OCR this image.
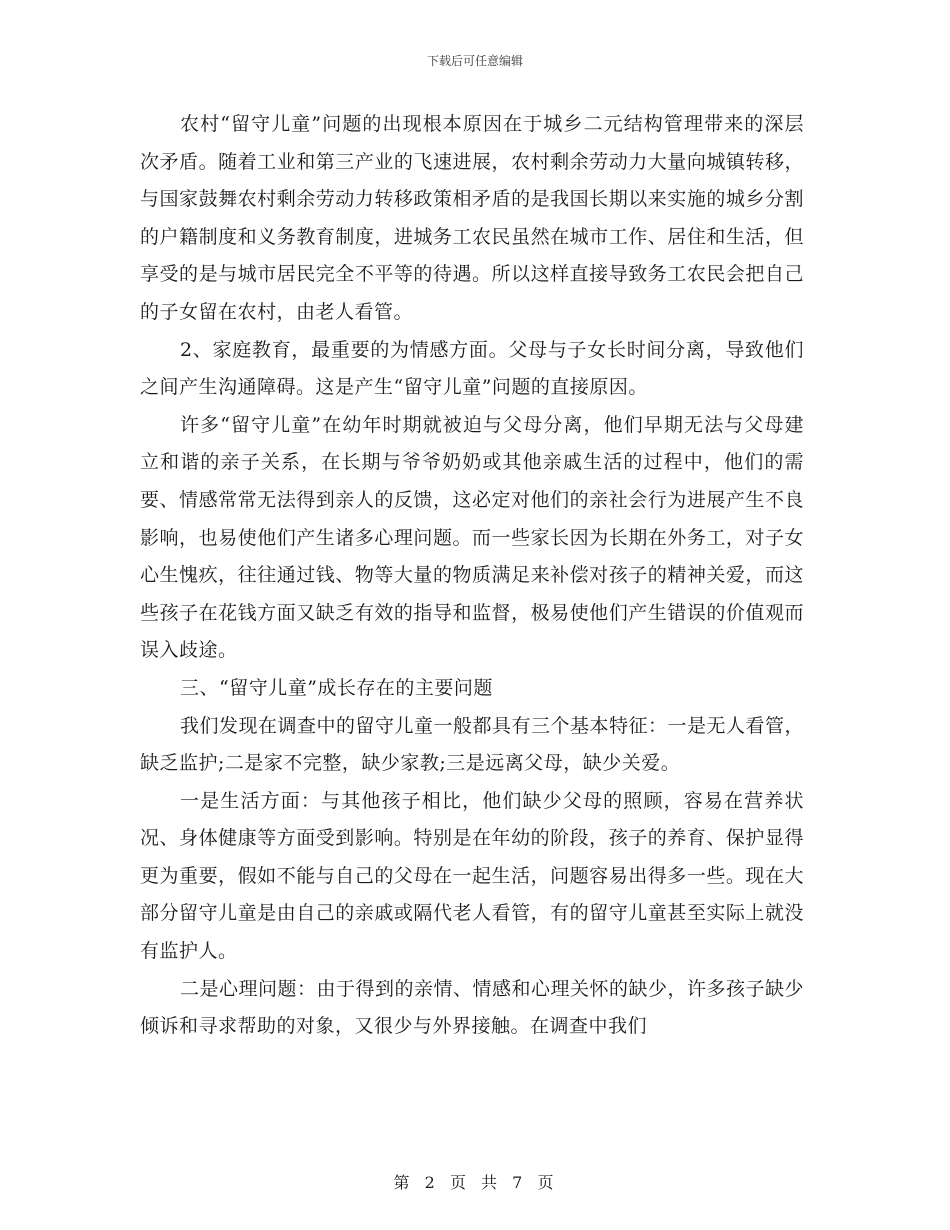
下载后可任意编辑

农村“留守儿童”问题的出现根本原因在于城乡二元结构管理带来的深层次矛盾。随着工业和第三产业的飞速进展，农村剩余劳动力大量向城镇转移，与国家鼓舞农村剩余劳动力转移政策相矛盾的是我国长期以来实施的城乡分割的户籍制度和义务教育制度，进城务工农民虽然在城市工作、居住和生活，但享受的是与城市居民完全不平等的待遇。所以这样直接导致务工农民会把自己的子女留在农村，由老人看管。

2、家庭教育，最重要的为情感方面。父母与子女长时间分离，导致他们之间产生沟通障碍。这是产生“留守儿童”问题的直接原因。

许多“留守儿童”在幼年时期就被迫与父母分离，他们早期无法与父母建立和谐的亲子关系，在长期与爷爷奶奶或其他亲戚生活的过程中，他们的需要、情感常常无法得到亲人的反馈，这必定对他们的亲社会行为进展产生不良影响，也易使他们产生诸多心理问题。而一些家长因为长期在外务工，对子女心生愧疚，往往通过钱、物等大量的物质满足来补偿对孩子的精神关爱，而这些孩子在花钱方面又缺乏有效的指导和监督，极易使他们产生错误的价值观而误入歧途。

三、“留守儿童”成长存在的主要问题

我们发现在调查中的留守儿童一般都具有三个基本特征：一是无人看管，缺乏监护;二是家不完整，缺少家教;三是远离父母，缺少关爱。

一是生活方面：与其他孩子相比，他们缺少父母的照顾，容易在营养状况、身体健康等方面受到影响。特别是在年幼的阶段，孩子的养育、保护显得更为重要，假如不能与自己的父母在一起生活，问题容易出得多一些。现在大部分留守儿童是由自己的亲戚或隔代老人看管，有的留守儿童甚至实际上就没有监护人。

二是心理问题：由于得到的亲情、情感和心理关怀的缺少，许多孩子缺少倾诉和寻求帮助的对象，又很少与外界接触。在调查中我们

第 2 页 共 7 页
